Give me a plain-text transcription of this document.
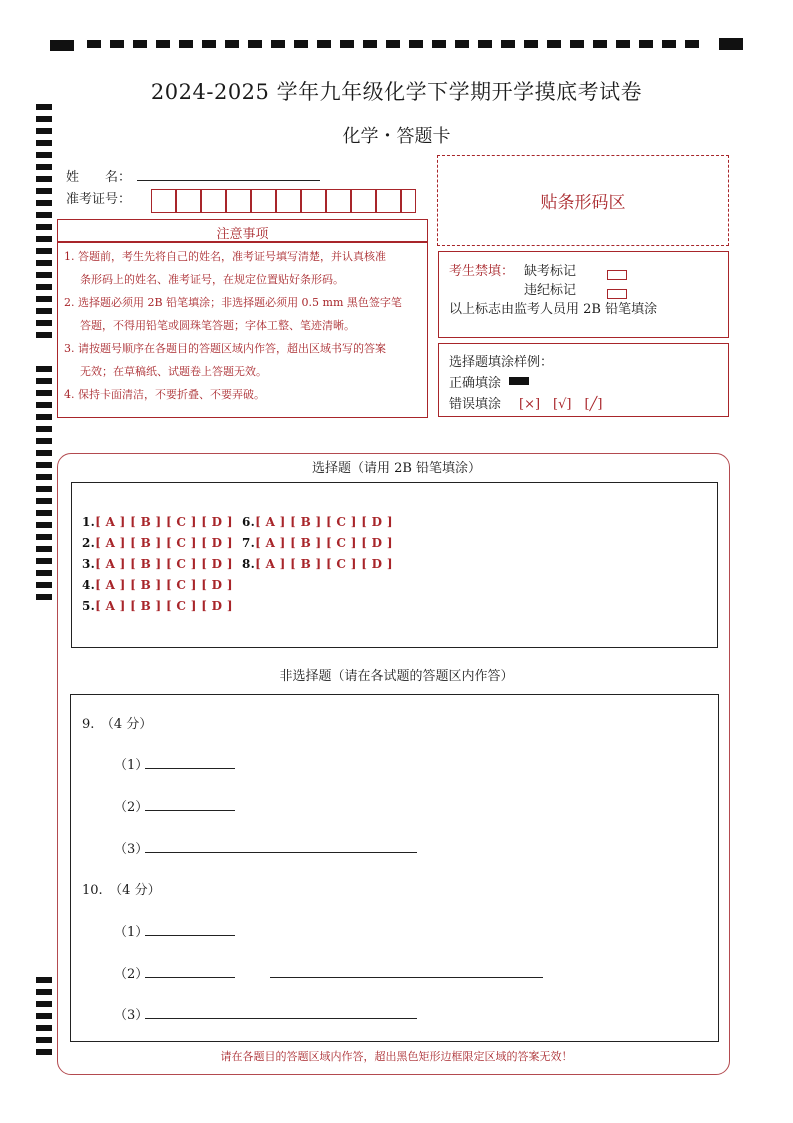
2024-2025 学年九年级化学下学期开学摸底考试卷
化学・答题卡
姓　　名：
准考证号：	贴条形码区
注意事项
1. 答题前，考生先将自己的姓名，准考证号填写清楚，并认真核准
条形码上的姓名、准考证号，在规定位置贴好条形码。
2. 选择题必须用 2B 铅笔填涂；非选择题必须用 0.5 mm 黑色签字笔
答题，不得用铅笔或圆珠笔答题；字体工整、笔迹清晰。
3. 请按题号顺序在各题目的答题区域内作答，超出区域书写的答案
无效；在草稿纸、试题卷上答题无效。
4. 保持卡面清洁，不要折叠、不要弄破。
考生禁填： 缺考标记
违纪标记
以上标志由监考人员用 2B 铅笔填涂
选择题填涂样例：
正确填涂
错误填涂 [×]　[√]　[╱]
选择题（请用 2B 铅笔填涂）
1.[ A ] [ B ] [ C ] [ D ]
2.[ A ] [ B ] [ C ] [ D ]
3.[ A ] [ B ] [ C ] [ D ]
4.[ A ] [ B ] [ C ] [ D ]
5.[ A ] [ B ] [ C ] [ D ]
6.[ A ] [ B ] [ C ] [ D ]
7.[ A ] [ B ] [ C ] [ D ]
8.[ A ] [ B ] [ C ] [ D ]
非选择题（请在各试题的答题区内作答）
9.　（4 分）
（1）
（2）
（3）
10.　（4 分）
（1）
（2）
（3）
请在各题目的答题区域内作答，超出黑色矩形边框限定区域的答案无效！
